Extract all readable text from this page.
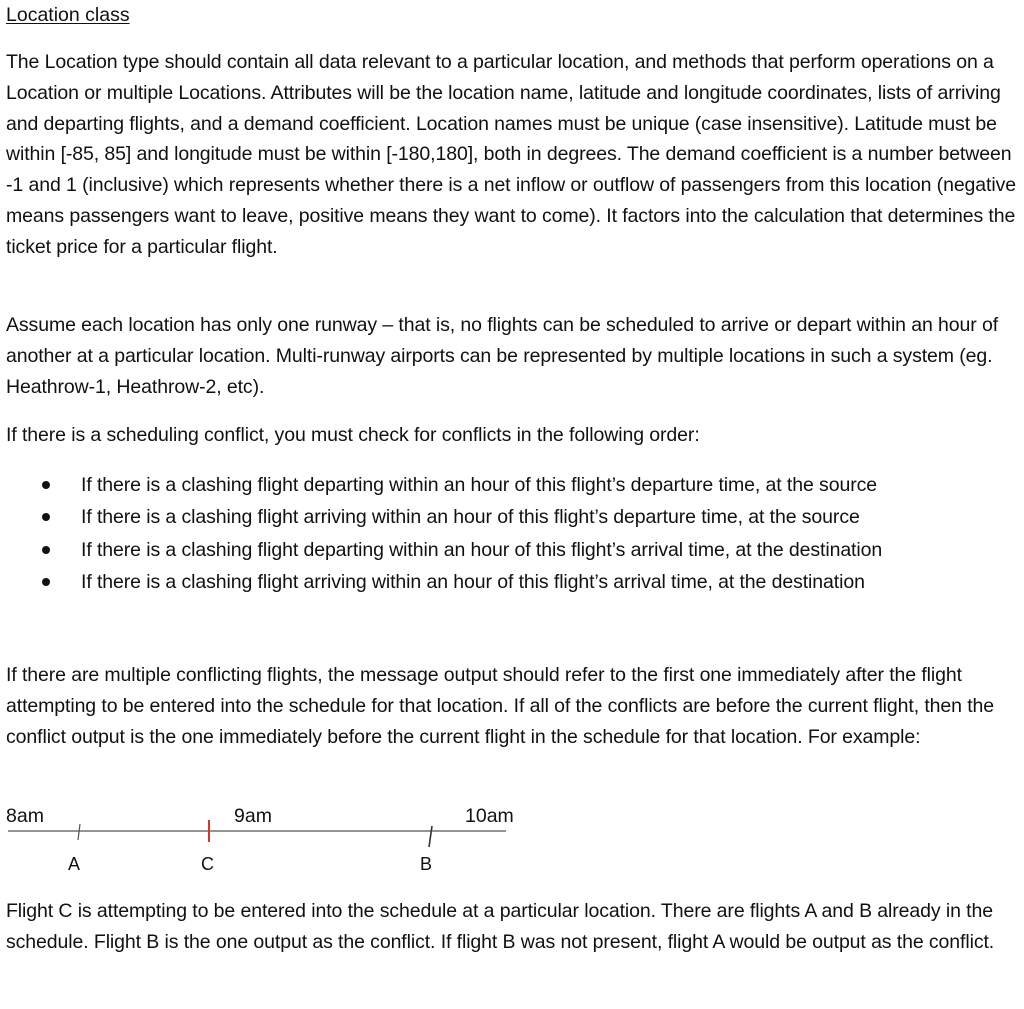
Location class

The Location type should contain all data relevant to a particular location, and methods that perform operations on a Location or multiple Locations. Attributes will be the location name, latitude and longitude coordinates, lists of arriving and departing flights, and a demand coefficient. Location names must be unique (case insensitive). Latitude must be within [-85, 85] and longitude must be within [-180,180], both in degrees. The demand coefficient is a number between -1 and 1 (inclusive) which represents whether there is a net inflow or outflow of passengers from this location (negative means passengers want to leave, positive means they want to come). It factors into the calculation that determines the ticket price for a particular flight.

Assume each location has only one runway – that is, no flights can be scheduled to arrive or depart within an hour of another at a particular location. Multi-runway airports can be represented by multiple locations in such a system (eg. Heathrow-1, Heathrow-2, etc).

If there is a scheduling conflict, you must check for conflicts in the following order:

If there is a clashing flight departing within an hour of this flight’s departure time, at the source
If there is a clashing flight arriving within an hour of this flight’s departure time, at the source
If there is a clashing flight departing within an hour of this flight’s arrival time, at the destination
If there is a clashing flight arriving within an hour of this flight’s arrival time, at the destination

If there are multiple conflicting flights, the message output should refer to the first one immediately after the flight attempting to be entered into the schedule for that location. If all of the conflicts are before the current flight, then the conflict output is the one immediately before the current flight in the schedule for that location. For example:

8am	9am	10am
A	C	B

Flight C is attempting to be entered into the schedule at a particular location. There are flights A and B already in the schedule. Flight B is the one output as the conflict. If flight B was not present, flight A would be output as the conflict.
